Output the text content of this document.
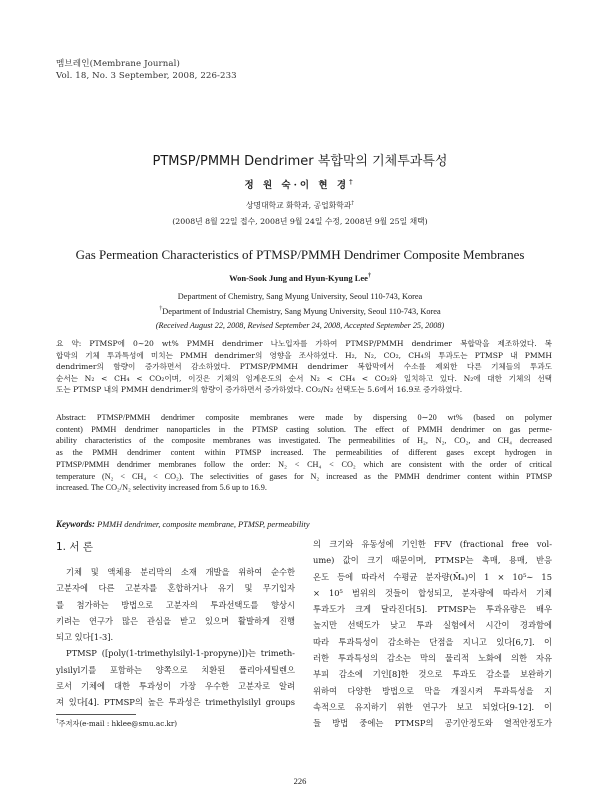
멤브레인(Membrane Journal)
Vol. 18, No. 3 September, 2008, 226-233
PTMSP/PMMH Dendrimer 복합막의 기체투과특성
정 원 숙·이 현 경†
상명대학교 화학과, 공업화학과†
(2008년 8월 22일 접수, 2008년 9월 24일 수정, 2008년 9월 25일 채택)
Gas Permeation Characteristics of PTMSP/PMMH Dendrimer Composite Membranes
Won-Sook Jung and Hyun-Kyung Lee†
Department of Chemistry, Sang Myung University, Seoul 110-743, Korea
†Department of Industrial Chemistry, Sang Myung University, Seoul 110-743, Korea
(Received August 22, 2008, Revised September 24, 2008, Accepted September 25, 2008)
요 약: PTMSP에 0∼20 wt% PMMH dendrimer 나노입자를 가하여 PTMSP/PMMH dendrimer 복합막을 제조하였다. 복
합막의 기체 투과특성에 미치는 PMMH dendrimer의 영향을 조사하였다. H₂, N₂, CO₂, CH₄의 투과도는 PTMSP 내 PMMH
dendrimer의 함량이 증가하면서 감소하였다. PTMSP/PMMH dendrimer 복합막에서 수소를 제외한 다른 기체들의 투과도
순서는 N₂ < CH₄ < CO₂이며, 이것은 기체의 임계온도의 순서 N₂ < CH₄ < CO₂와 일치하고 있다. N₂에 대한 기체의 선택
도는 PTMSP 내의 PMMH dendrimer의 함량이 증가하면서 증가하였다. CO₂/N₂ 선택도는 5.6에서 16.9로 증가하였다.
Abstract: PTMSP/PMMH dendrimer composite membranes were made by dispersing 0∼20 wt% (based on polymer
content) PMMH dendrimer nanoparticles in the PTMSP casting solution. The effect of PMMH dendrimer on gas perme-
ability characteristics of the composite membranes was investigated. The permeabilities of H₂, N₂, CO₂, and CH₄ decreased
as the PMMH dendrimer content within PTMSP increased. The permeabilities of different gases except hydrogen in
PTMSP/PMMH dendrimer membranes follow the order: N₂ < CH₄ < CO₂ which are consistent with the order of critical
temperature (N₂ < CH₄ < CO₂). The selectivities of gases for N₂ increased as the PMMH dendrimer content within PTMSP
increased. The CO₂/N₂ selectivity increased from 5.6 up to 16.9.
Keywords: PMMH dendrimer, composite membrane, PTMSP, permeability
1. 서 론
기체 및 액체용 분리막의 소재 개발을 위하여 순수한
고분자에 다른 고분자를 혼합하거나 유기 및 무기입자
를 첨가하는 방법으로 고분자의 투과선택도를 향상시
키려는 연구가 많은 관심을 받고 있으며 활발하게 진행
되고 있다[1-3].
PTMSP ([poly(1-trimethylsilyl-1-propyne)])는 trimeth-
ylsilyl기를 포함하는 양쪽으로 치환된 폴리아세틸렌으
로서 기체에 대한 투과성이 가장 우수한 고분자로 알려
져 있다[4]. PTMSP의 높은 투과성은 trimethylsilyl groups
†주저자(e-mail : hklee@smu.ac.kr)
의 크기와 유동성에 기인한 FFV (fractional free vol-
ume) 값이 크기 때문이며, PTMSP는 촉매, 용매, 반응
온도 등에 따라서 수평균 분자량(M̄ₙ)이 1 × 10⁵∼ 15
× 10⁵ 범위의 것들이 합성되고, 분자량에 따라서 기체
투과도가 크게 달라진다[5]. PTMSP는 투과유량은 배우
높지만 선택도가 낮고 투과 실험에서 시간이 경과함에
따라 투과특성이 감소하는 단점을 지니고 있다[6,7]. 이
러한 투과특성의 감소는 막의 물리적 노화에 의한 자유
부피 감소에 기인[8]한 것으로 투과도 감소를 보완하기
위하여 다양한 방법으로 막을 개질시켜 투과특성을 지
속적으로 유지하기 위한 연구가 보고 되었다[9-12]. 이
들 방법 중에는 PTMSP의 공기안정도와 열적안정도가
226
